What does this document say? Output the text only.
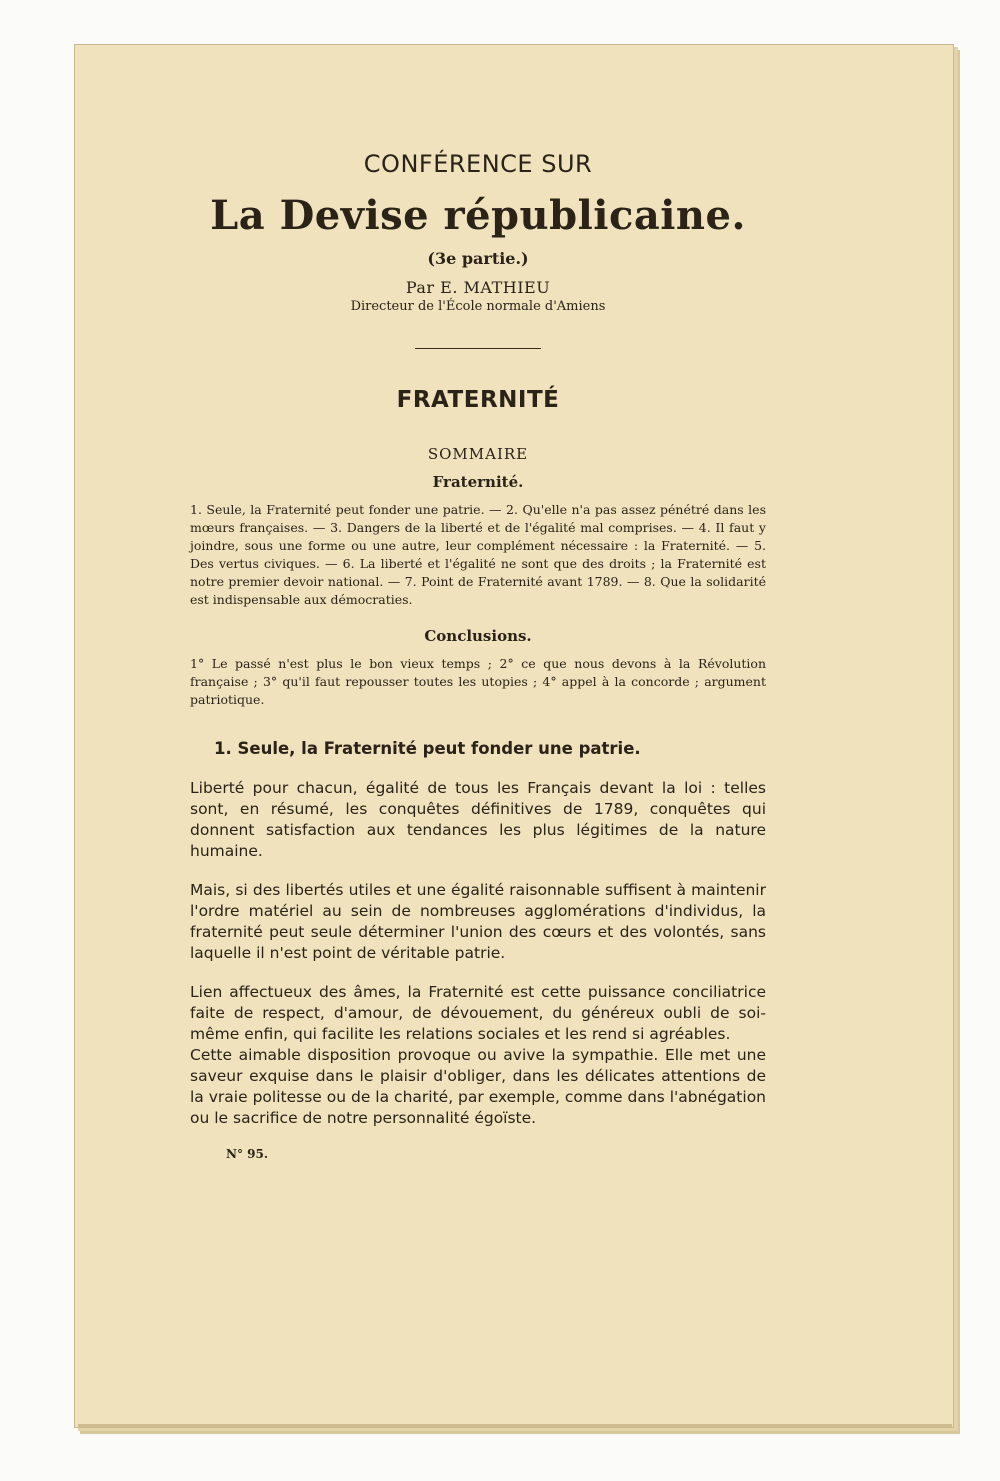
CONFÉRENCE SUR

La Devise républicaine.

(3e partie.)

Par E. MATHIEU

Directeur de l'École normale d'Amiens

FRATERNITÉ

SOMMAIRE

Fraternité.

1. Seule, la Fraternité peut fonder une patrie. — 2. Qu'elle n'a pas assez pénétré dans les mœurs françaises. — 3. Dangers de la liberté et de l'égalité mal comprises. — 4. Il faut y joindre, sous une forme ou une autre, leur complément nécessaire : la Fraternité. — 5. Des vertus civiques. — 6. La liberté et l'égalité ne sont que des droits ; la Fraternité est notre premier devoir national. — 7. Point de Fraternité avant 1789. — 8. Que la solidarité est indispensable aux démocraties.

Conclusions.

1° Le passé n'est plus le bon vieux temps ; 2° ce que nous devons à la Révolution française ; 3° qu'il faut repousser toutes les utopies ; 4° appel à la concorde ; argument patriotique.

1. Seule, la Fraternité peut fonder une patrie.

Liberté pour chacun, égalité de tous les Français devant la loi : telles sont, en résumé, les conquêtes définitives de 1789, conquêtes qui donnent satisfaction aux tendances les plus légitimes de la nature humaine.

Mais, si des libertés utiles et une égalité raisonnable suffisent à maintenir l'ordre matériel au sein de nombreuses agglomérations d'individus, la fraternité peut seule déterminer l'union des cœurs et des volontés, sans laquelle il n'est point de véritable patrie.

Lien affectueux des âmes, la Fraternité est cette puissance conciliatrice faite de respect, d'amour, de dévouement, du généreux oubli de soi-même enfin, qui facilite les relations sociales et les rend si agréables.

Cette aimable disposition provoque ou avive la sympathie. Elle met une saveur exquise dans le plaisir d'obliger, dans les délicates attentions de la vraie politesse ou de la charité, par exemple, comme dans l'abnégation ou le sacrifice de notre personnalité égoïste.

N° 95.
